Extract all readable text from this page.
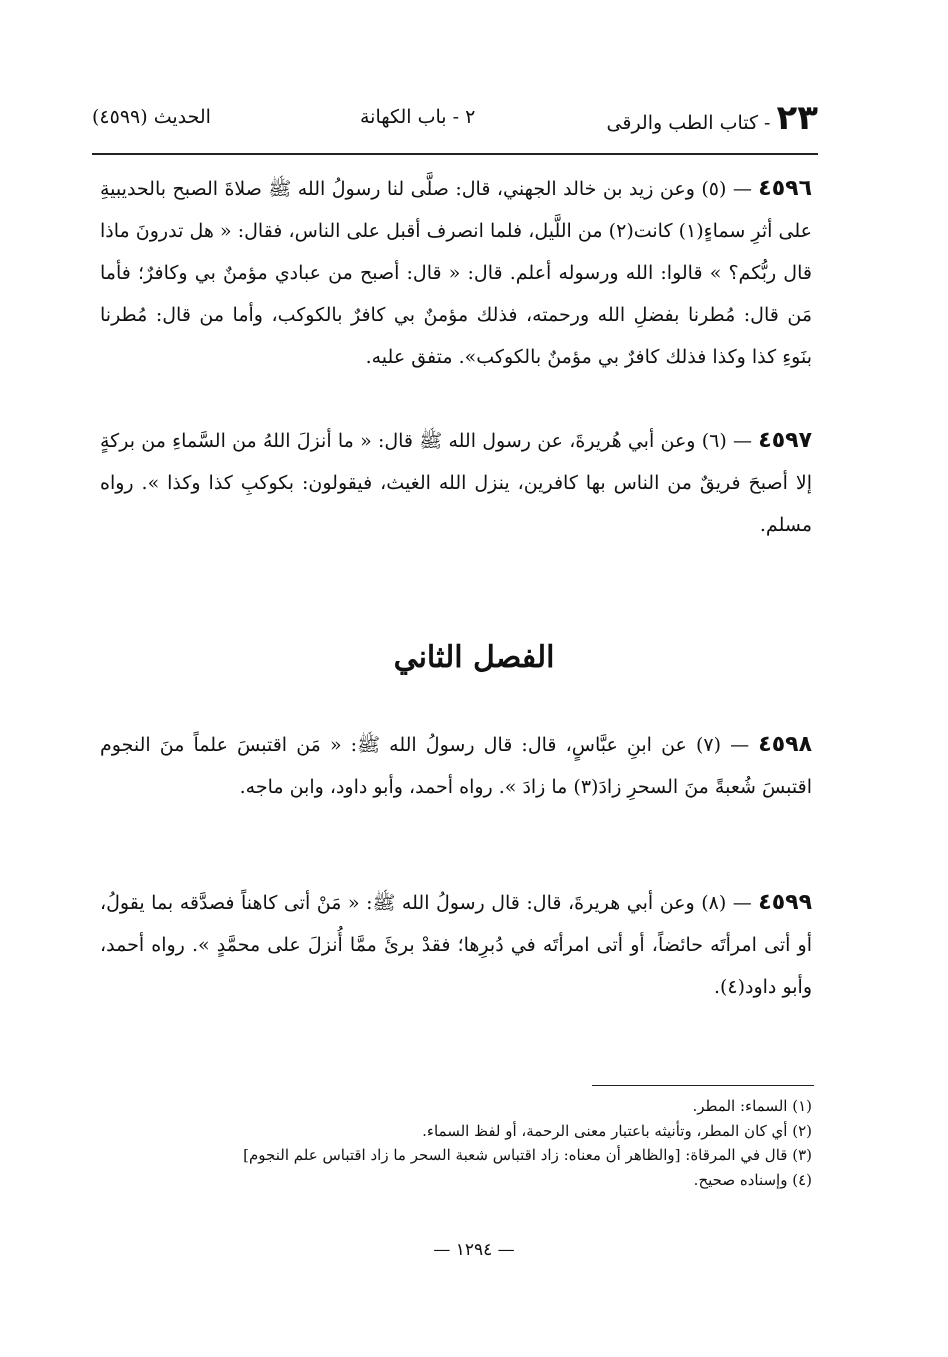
٢٣
- كتاب الطب والرقى
٢ - باب الكهانة
الحديث (٤٥٩٩)
٤٥٩٦ — (٥) وعن زيد بن خالد الجهني، قال: صلَّى لنا رسولُ الله ﷺ صلاةَ الصبح بالحديبيةِ على أثرِ سماءٍ(١) كانت(٢) من اللَّيل، فلما انصرف أقبل على الناس، فقال: « هل تدرونَ ماذا قال ربُّكم؟ » قالوا: الله ورسوله أعلم. قال: « قال: أصبح من عبادي مؤمنٌ بي وكافرٌ؛ فأما مَن قال: مُطرنا بفضلِ الله ورحمته، فذلك مؤمنٌ بي كافرٌ بالكوكب، وأما من قال: مُطرنا بنَوءِ كذا وكذا فذلك كافرٌ بي مؤمنٌ بالكوكب». متفق عليه.
٤٥٩٧ — (٦) وعن أبي هُريرةَ، عن رسول الله ﷺ قال: « ما أنزلَ اللهُ من السَّماءِ من بركةٍ إلا أصبحَ فريقٌ من الناس بها كافرين، ينزل الله الغيث، فيقولون: بكوكبِ كذا وكذا ». رواه مسلم.
الفصل الثاني
٤٥٩٨ — (٧) عن ابنِ عبَّاسٍ، قال: قال رسولُ الله ﷺ: « مَن اقتبسَ علماً منَ النجوم اقتبسَ شُعبةً منَ السحرِ زادَ(٣) ما زادَ ». رواه أحمد، وأبو داود، وابن ماجه.
٤٥٩٩ — (٨) وعن أبي هريرةَ، قال: قال رسولُ الله ﷺ: « مَنْ أتى كاهناً فصدَّقه بما يقولُ، أو أتى امرأتَه حائضاً، أو أتى امرأتَه في دُبرِها؛ فقدْ برئَ ممَّا أُنزلَ على محمَّدٍ ». رواه أحمد، وأبو داود(٤).
(١) السماء: المطر.
(٢) أي كان المطر، وتأنيثه باعتبار معنى الرحمة، أو لفظ السماء.
(٣) قال في المرقاة: [والظاهر أن معناه: زاد اقتباس شعبة السحر ما زاد اقتباس علم النجوم]
(٤) وإسناده صحيح.
— ١٢٩٤ —
